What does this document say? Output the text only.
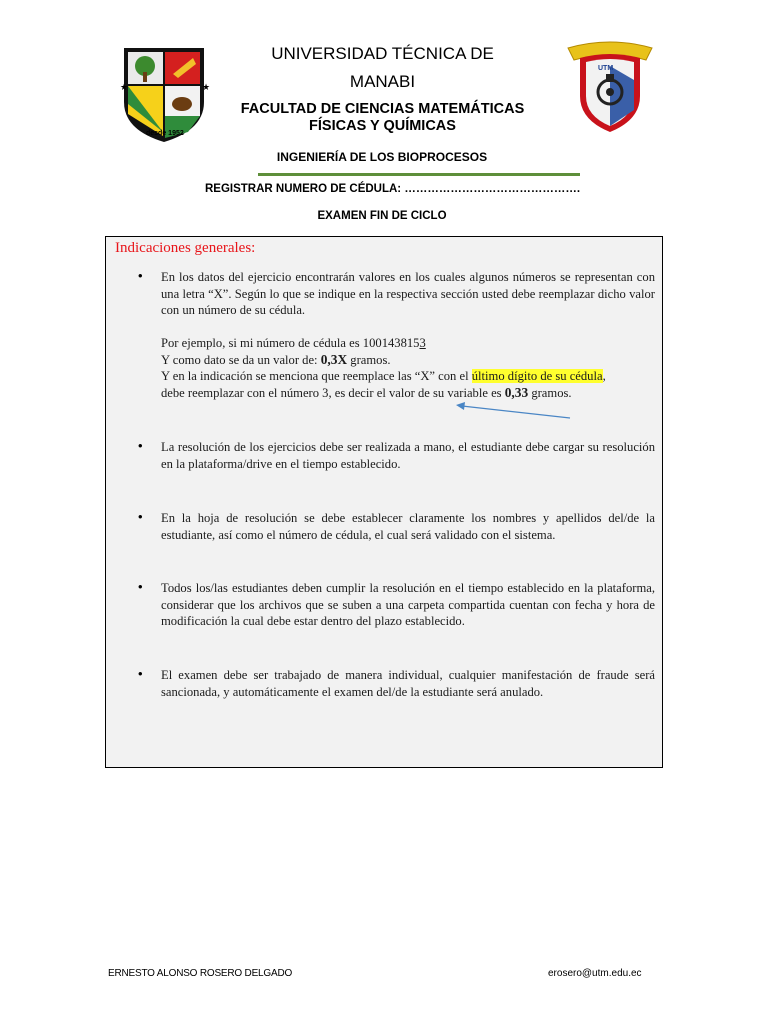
★	★
desde 1952
UTM
UNIVERSIDAD TÉCNICA DE
MANABI
FACULTAD DE CIENCIAS MATEMÁTICAS
FÍSICAS Y QUÍMICAS
INGENIERÍA DE LOS BIOPROCESOS
REGISTRAR NUMERO DE CÉDULA: ……………………………………….
EXAMEN FIN DE CICLO
Indicaciones generales:
• En los datos del ejercicio encontrarán valores en los cuales algunos números se representan con una letra “X”. Según lo que se indique en la respectiva sección usted debe reemplazar dicho valor con un número de su cédula.
Por ejemplo, si mi número de cédula es 1001438153
Y como dato se da un valor de: 0,3X gramos.
Y en la indicación se menciona que reemplace las “X” con el último dígito de su cédula,
debe reemplazar con el número 3, es decir el valor de su variable es 0,33 gramos.
• La resolución de los ejercicios debe ser realizada a mano, el estudiante debe cargar su resolución en la plataforma/drive en el tiempo establecido.
• En la hoja de resolución se debe establecer claramente los nombres y apellidos del/de la estudiante, así como el número de cédula, el cual será validado con el sistema.
• Todos los/las estudiantes deben cumplir la resolución en el tiempo establecido en la plataforma, considerar que los archivos que se suben a una carpeta compartida cuentan con fecha y hora de modificación la cual debe estar dentro del plazo establecido.
• El examen debe ser trabajado de manera individual, cualquier manifestación de fraude será sancionada, y automáticamente el examen del/de la estudiante será anulado.
ERNESTO ALONSO ROSERO DELGADO	erosero@utm.edu.ec
